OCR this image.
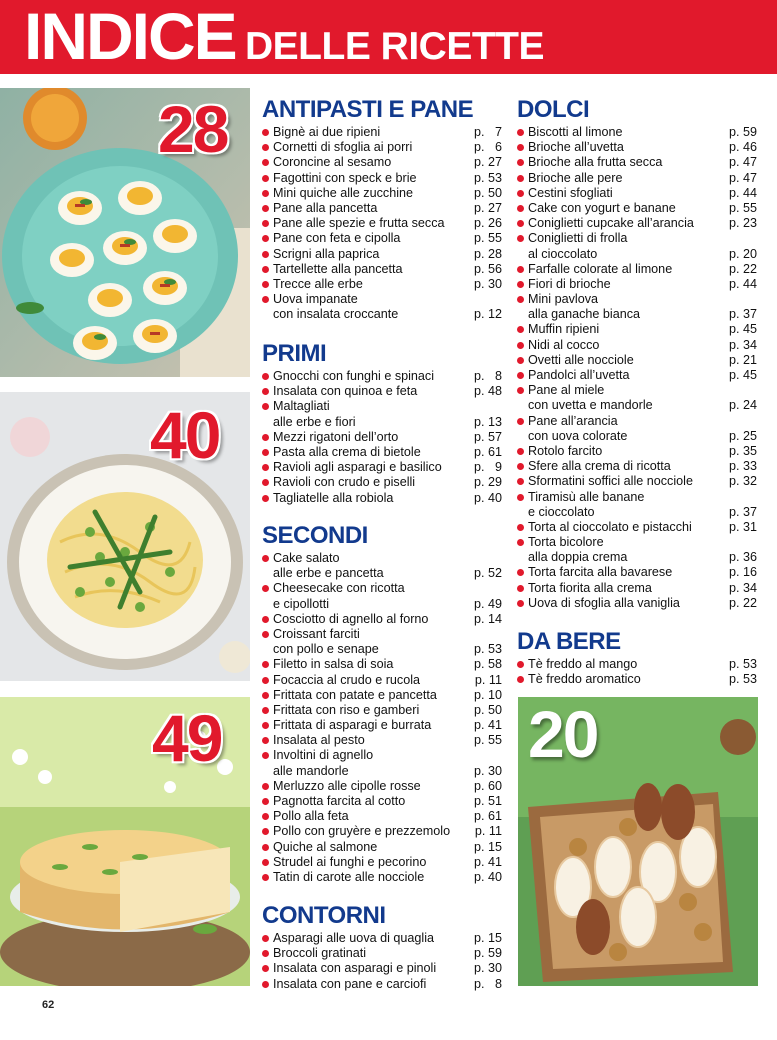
INDICE DELLE RICETTE
28
40
49	20
ANTIPASTI E PANE
Bignè ai due ripieni	p.   7
Cornetti di sfoglia ai porri	p.   6
Coroncine al sesamo	p. 27
Fagottini con speck e brie	p. 53
Mini quiche alle zucchine	p. 50
Pane alla pancetta	p. 27
Pane alle spezie e frutta secca p. 26
Pane con feta e cipolla	p. 55
Scrigni alla paprica	p. 28
Tartellette alla pancetta	p. 56
Trecce alle erbe	p. 30
Uova impanate
con insalata croccante	p. 12
PRIMI
Gnocchi con funghi e spinaci	p.   8
Insalata con quinoa e feta	p. 48
Maltagliati
alle erbe e fiori	p. 13
Mezzi rigatoni dell’orto	p. 57
Pasta alla crema di bietole	p. 61
Ravioli agli asparagi e basilico	p.   9
Ravioli con crudo e piselli	p. 29
Tagliatelle alla robiola	p. 40
SECONDI
Cake salato
alle erbe e pancetta	p. 52
Cheesecake con ricotta
e cipollotti	p. 49
Cosciotto di agnello al forno	p. 14
Croissant farciti
con pollo e senape	p. 53
Filetto in salsa di soia	p. 58
Focaccia al crudo e rucola	p. 11
Frittata con patate e pancetta	p. 10
Frittata con riso e gamberi	p. 50
Frittata di asparagi e burrata	p. 41
Insalata al pesto	p. 55
Involtini di agnello
alle mandorle	p. 30
Merluzzo alle cipolle rosse	p. 60
Pagnotta farcita al cotto	p. 51
Pollo alla feta	p. 61
Pollo con gruyère e prezzemolo p. 11
Quiche al salmone	p. 15
Strudel ai funghi e pecorino	p. 41
Tatin di carote alle nocciole	p. 40
CONTORNI
Asparagi alle uova di quaglia	p. 15
Broccoli gratinati	p. 59
Insalata con asparagi e pinoli	p. 30
Insalata con pane e carciofi	p.   8
DOLCI
Biscotti al limone	p. 59
Brioche all’uvetta	p. 46
Brioche alla frutta secca	p. 47
Brioche alle pere	p. 47
Cestini sfogliati	p. 44
Cake con yogurt e banane	p. 55
Coniglietti cupcake all’arancia	p. 23
Coniglietti di frolla
al cioccolato	p. 20
Farfalle colorate al limone	p. 22
Fiori di brioche	p. 44
Mini pavlova
alla ganache bianca	p. 37
Muffin ripieni	p. 45
Nidi al cocco	p. 34
Ovetti alle nocciole	p. 21
Pandolci all’uvetta	p. 45
Pane al miele
con uvetta e mandorle	p. 24
Pane all’arancia
con uova colorate	p. 25
Rotolo farcito	p. 35
Sfere alla crema di ricotta	p. 33
Sformatini soffici alle nocciole	p. 32
Tiramisù alle banane
e cioccolato	p. 37
Torta al cioccolato e pistacchi	p. 31
Torta bicolore
alla doppia crema	p. 36
Torta farcita alla bavarese	p. 16
Torta fiorita alla crema	p. 34
Uova di sfoglia alla vaniglia	p. 22
DA BERE
Tè freddo al mango	p. 53
Tè freddo aromatico	p. 53
62
